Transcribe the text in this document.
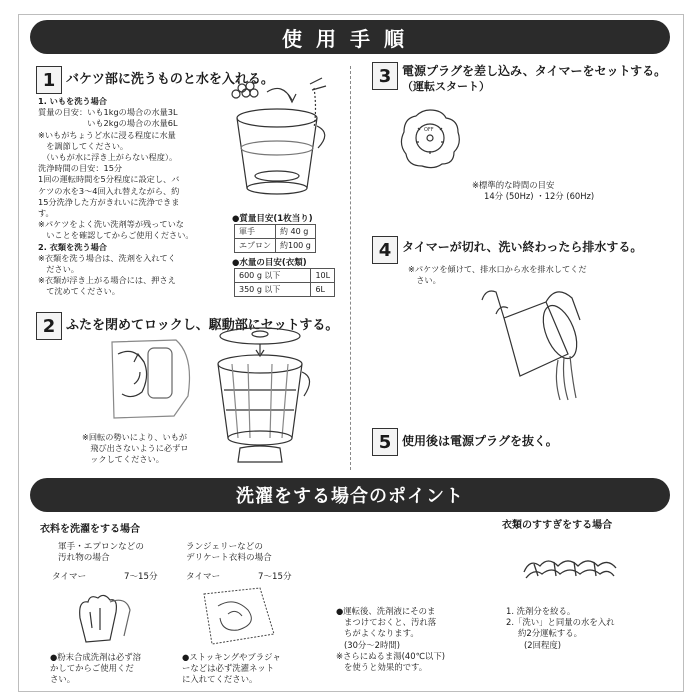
使用手順
1 バケツ部に洗うものと水を入れる。
1. いもを洗う場合
質量の目安：いも1kgの場合の水量3L
　　　　　　いも2kgの場合の水量6L
※いもがちょうど水に浸る程度に水量
　を調節してください。
　（いもが水に浮き上がらない程度）。
洗浄時間の目安：15分
1回の運転時間を5分程度に設定し、バ
ケツの水を3〜4回入れ替えながら、約
15分洗浄した方がきれいに洗浄できま
す。
※パケツをよく洗い洗剤等が残っていな
　いことを確認してからご使用ください。
2. 衣類を洗う場合
※衣類を洗う場合は、洗剤を入れてく
　ださい。
※衣類が浮き上がる場合には、押さえ
　て沈めてください。
●質量目安(1枚当り)
軍手	約 40 g
エプロン	約100 g
●水量の目安(衣類)
600 g 以下	10L
350 g 以下	6L
2 ふたを閉めてロックし、駆動部にセットする。
※回転の勢いにより、いもが
　飛び出さないように必ずロ
　ックしてください。
3 電源プラグを差し込み、タイマーをセットする。
（運転スタート）
OFF
※標準的な時間の目安
14分 (50Hz) ・12分 (60Hz)
4 タイマーが切れ、洗い終わったら排水する。
※パケツを傾けて、排水口から水を排水してくだ
　さい。
5 使用後は電源プラグを抜く。
洗濯をする場合のポイント
衣料を洗濯をする場合	衣類のすすぎをする場合
軍手・エプロンなどの
汚れ物の場合
タイマー	7〜15分
●粉末合成洗剤は必ず溶
かしてからご使用くだ
さい。
ランジェリーなどの
デリケート衣料の場合
タイマー	7〜15分
●ストッキングやブラジャ
ーなどは必ず洗濯ネット
に入れてください。
●運転後、洗剤液にそのま
まつけておくと、汚れ落
ちがよくなります。
(30分〜2時間)
※さらにぬるま湯(40℃以下)
を使うと効果的です。
1. 洗剤分を絞る。
2.「洗い」と同量の水を入れ
約2分運転する。
(2回程度)
